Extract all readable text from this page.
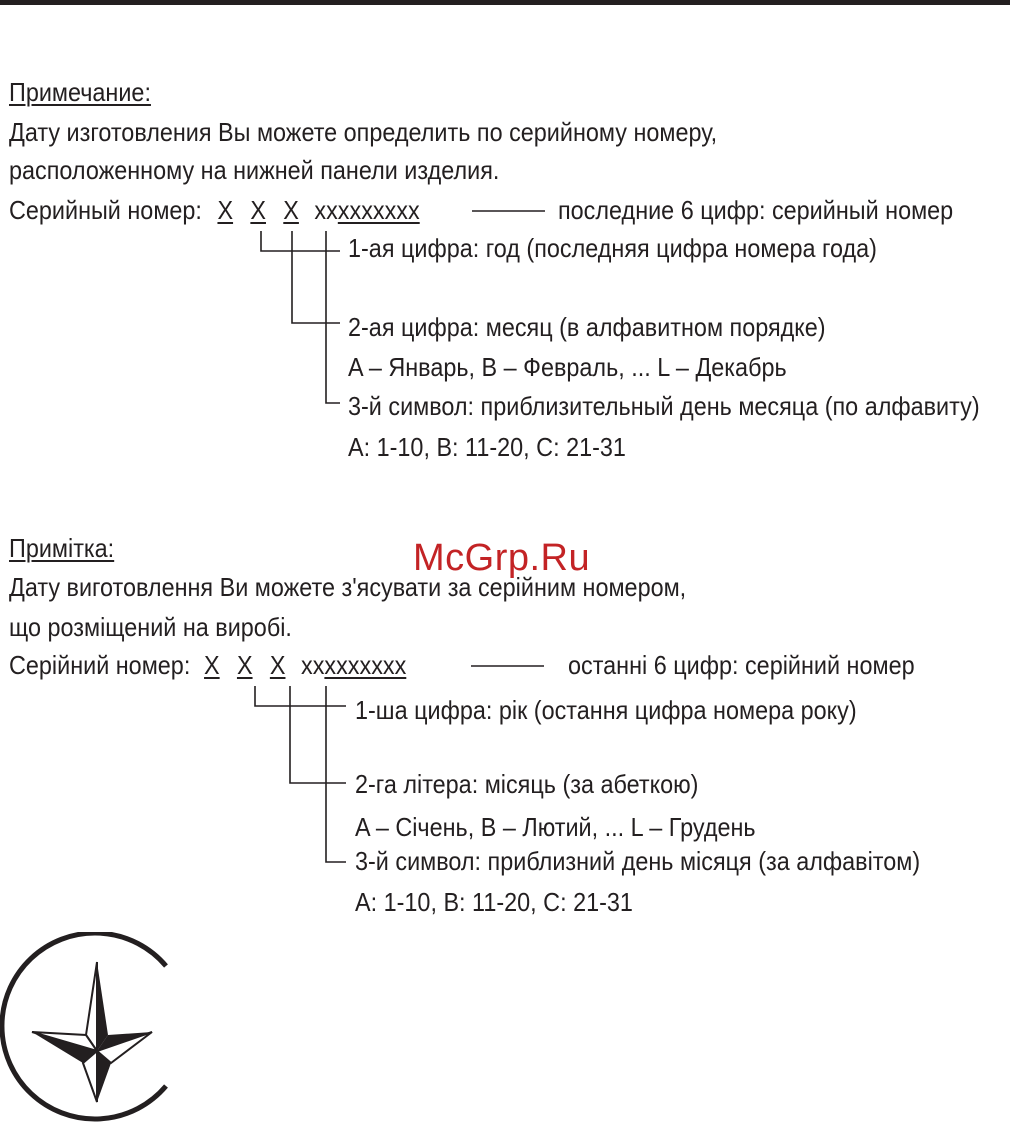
Примечание:
Дату изготовления Вы можете определить по серийному номеру,
расположенному на нижней панели изделия.
Серийный номер: X X X xxxxxxxxx	последние 6 цифр: серийный номер
1-ая цифра: год (последняя цифра номера года)
2-ая цифра: месяц (в алфавитном порядке)
A – Январь, B – Февраль, ... L – Декабрь
3-й символ: приблизительный день месяца (по алфавиту)
A: 1-10, B: 11-20, C: 21-31
Примітка:
Дату виготовлення Ви можете з'ясувати за серійним номером,
що розміщений на виробі.
Серійний номер: X X X xxxxxxxxx	останні 6 цифр: серійний номер
1-ша цифра: рік (остання цифра номера року)
2-га літера: місяць (за абеткою)
A – Січень, B – Лютий, ... L – Грудень
3-й символ: приблизний день місяця (за алфавітом)
A: 1-10, B: 11-20, C: 21-31
McGrp.Ru
